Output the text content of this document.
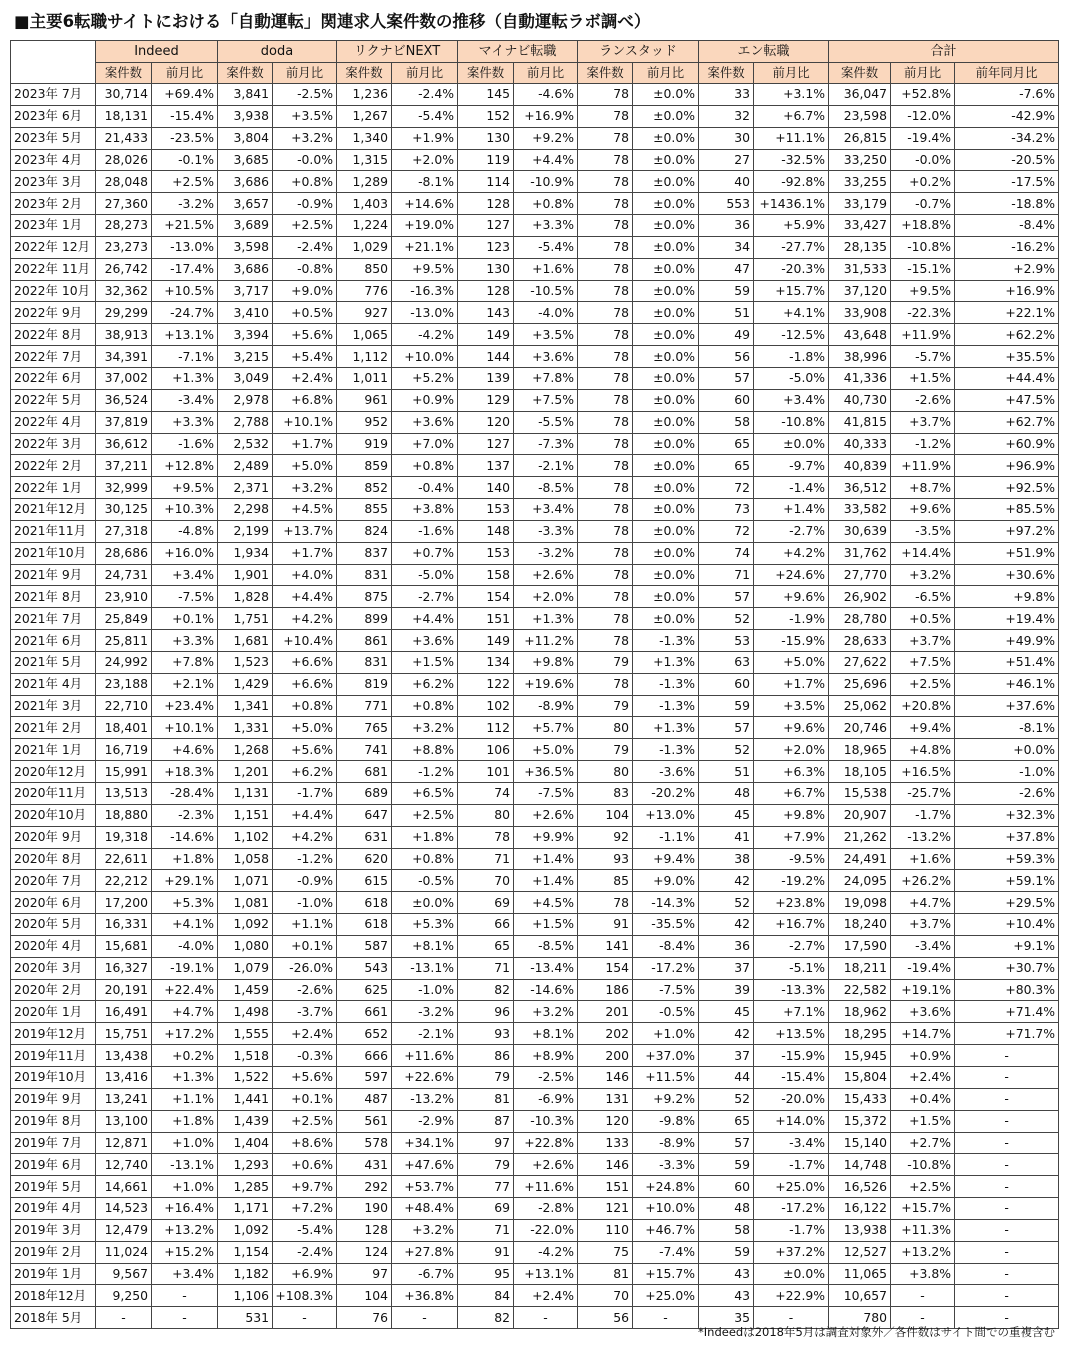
■主要6転職サイトにおける「自動運転」関連求人案件数の推移（自動運転ラボ調べ）
	Indeed		doda		リクナビNEXT		マイナビ転職		ランスタッド		エン転職		合計		
	案件数	前月比	案件数	前月比	案件数	前月比	案件数	前月比	案件数	前月比	案件数	前月比	案件数	前月比	前年同月比
2023年 7月	30,714	+69.4%	3,841	-2.5%	1,236	-2.4%	145	-4.6%	78	±0.0%	33	+3.1%	36,047	+52.8%	-7.6%
2023年 6月	18,131	-15.4%	3,938	+3.5%	1,267	-5.4%	152	+16.9%	78	±0.0%	32	+6.7%	23,598	-12.0%	-42.9%
2023年 5月	21,433	-23.5%	3,804	+3.2%	1,340	+1.9%	130	+9.2%	78	±0.0%	30	+11.1%	26,815	-19.4%	-34.2%
2023年 4月	28,026	-0.1%	3,685	-0.0%	1,315	+2.0%	119	+4.4%	78	±0.0%	27	-32.5%	33,250	-0.0%	-20.5%
2023年 3月	28,048	+2.5%	3,686	+0.8%	1,289	-8.1%	114	-10.9%	78	±0.0%	40	-92.8%	33,255	+0.2%	-17.5%
2023年 2月	27,360	-3.2%	3,657	-0.9%	1,403	+14.6%	128	+0.8%	78	±0.0%	553	+1436.1%	33,179	-0.7%	-18.8%
2023年 1月	28,273	+21.5%	3,689	+2.5%	1,224	+19.0%	127	+3.3%	78	±0.0%	36	+5.9%	33,427	+18.8%	-8.4%
2022年 12月	23,273	-13.0%	3,598	-2.4%	1,029	+21.1%	123	-5.4%	78	±0.0%	34	-27.7%	28,135	-10.8%	-16.2%
2022年 11月	26,742	-17.4%	3,686	-0.8%	850	+9.5%	130	+1.6%	78	±0.0%	47	-20.3%	31,533	-15.1%	+2.9%
2022年 10月	32,362	+10.5%	3,717	+9.0%	776	-16.3%	128	-10.5%	78	±0.0%	59	+15.7%	37,120	+9.5%	+16.9%
2022年 9月	29,299	-24.7%	3,410	+0.5%	927	-13.0%	143	-4.0%	78	±0.0%	51	+4.1%	33,908	-22.3%	+22.1%
2022年 8月	38,913	+13.1%	3,394	+5.6%	1,065	-4.2%	149	+3.5%	78	±0.0%	49	-12.5%	43,648	+11.9%	+62.2%
2022年 7月	34,391	-7.1%	3,215	+5.4%	1,112	+10.0%	144	+3.6%	78	±0.0%	56	-1.8%	38,996	-5.7%	+35.5%
2022年 6月	37,002	+1.3%	3,049	+2.4%	1,011	+5.2%	139	+7.8%	78	±0.0%	57	-5.0%	41,336	+1.5%	+44.4%
2022年 5月	36,524	-3.4%	2,978	+6.8%	961	+0.9%	129	+7.5%	78	±0.0%	60	+3.4%	40,730	-2.6%	+47.5%
2022年 4月	37,819	+3.3%	2,788	+10.1%	952	+3.6%	120	-5.5%	78	±0.0%	58	-10.8%	41,815	+3.7%	+62.7%
2022年 3月	36,612	-1.6%	2,532	+1.7%	919	+7.0%	127	-7.3%	78	±0.0%	65	±0.0%	40,333	-1.2%	+60.9%
2022年 2月	37,211	+12.8%	2,489	+5.0%	859	+0.8%	137	-2.1%	78	±0.0%	65	-9.7%	40,839	+11.9%	+96.9%
2022年 1月	32,999	+9.5%	2,371	+3.2%	852	-0.4%	140	-8.5%	78	±0.0%	72	-1.4%	36,512	+8.7%	+92.5%
2021年12月	30,125	+10.3%	2,298	+4.5%	855	+3.8%	153	+3.4%	78	±0.0%	73	+1.4%	33,582	+9.6%	+85.5%
2021年11月	27,318	-4.8%	2,199	+13.7%	824	-1.6%	148	-3.3%	78	±0.0%	72	-2.7%	30,639	-3.5%	+97.2%
2021年10月	28,686	+16.0%	1,934	+1.7%	837	+0.7%	153	-3.2%	78	±0.0%	74	+4.2%	31,762	+14.4%	+51.9%
2021年 9月	24,731	+3.4%	1,901	+4.0%	831	-5.0%	158	+2.6%	78	±0.0%	71	+24.6%	27,770	+3.2%	+30.6%
2021年 8月	23,910	-7.5%	1,828	+4.4%	875	-2.7%	154	+2.0%	78	±0.0%	57	+9.6%	26,902	-6.5%	+9.8%
2021年 7月	25,849	+0.1%	1,751	+4.2%	899	+4.4%	151	+1.3%	78	±0.0%	52	-1.9%	28,780	+0.5%	+19.4%
2021年 6月	25,811	+3.3%	1,681	+10.4%	861	+3.6%	149	+11.2%	78	-1.3%	53	-15.9%	28,633	+3.7%	+49.9%
2021年 5月	24,992	+7.8%	1,523	+6.6%	831	+1.5%	134	+9.8%	79	+1.3%	63	+5.0%	27,622	+7.5%	+51.4%
2021年 4月	23,188	+2.1%	1,429	+6.6%	819	+6.2%	122	+19.6%	78	-1.3%	60	+1.7%	25,696	+2.5%	+46.1%
2021年 3月	22,710	+23.4%	1,341	+0.8%	771	+0.8%	102	-8.9%	79	-1.3%	59	+3.5%	25,062	+20.8%	+37.6%
2021年 2月	18,401	+10.1%	1,331	+5.0%	765	+3.2%	112	+5.7%	80	+1.3%	57	+9.6%	20,746	+9.4%	-8.1%
2021年 1月	16,719	+4.6%	1,268	+5.6%	741	+8.8%	106	+5.0%	79	-1.3%	52	+2.0%	18,965	+4.8%	+0.0%
2020年12月	15,991	+18.3%	1,201	+6.2%	681	-1.2%	101	+36.5%	80	-3.6%	51	+6.3%	18,105	+16.5%	-1.0%
2020年11月	13,513	-28.4%	1,131	-1.7%	689	+6.5%	74	-7.5%	83	-20.2%	48	+6.7%	15,538	-25.7%	-2.6%
2020年10月	18,880	-2.3%	1,151	+4.4%	647	+2.5%	80	+2.6%	104	+13.0%	45	+9.8%	20,907	-1.7%	+32.3%
2020年 9月	19,318	-14.6%	1,102	+4.2%	631	+1.8%	78	+9.9%	92	-1.1%	41	+7.9%	21,262	-13.2%	+37.8%
2020年 8月	22,611	+1.8%	1,058	-1.2%	620	+0.8%	71	+1.4%	93	+9.4%	38	-9.5%	24,491	+1.6%	+59.3%
2020年 7月	22,212	+29.1%	1,071	-0.9%	615	-0.5%	70	+1.4%	85	+9.0%	42	-19.2%	24,095	+26.2%	+59.1%
2020年 6月	17,200	+5.3%	1,081	-1.0%	618	±0.0%	69	+4.5%	78	-14.3%	52	+23.8%	19,098	+4.7%	+29.5%
2020年 5月	16,331	+4.1%	1,092	+1.1%	618	+5.3%	66	+1.5%	91	-35.5%	42	+16.7%	18,240	+3.7%	+10.4%
2020年 4月	15,681	-4.0%	1,080	+0.1%	587	+8.1%	65	-8.5%	141	-8.4%	36	-2.7%	17,590	-3.4%	+9.1%
2020年 3月	16,327	-19.1%	1,079	-26.0%	543	-13.1%	71	-13.4%	154	-17.2%	37	-5.1%	18,211	-19.4%	+30.7%
2020年 2月	20,191	+22.4%	1,459	-2.6%	625	-1.0%	82	-14.6%	186	-7.5%	39	-13.3%	22,582	+19.1%	+80.3%
2020年 1月	16,491	+4.7%	1,498	-3.7%	661	-3.2%	96	+3.2%	201	-0.5%	45	+7.1%	18,962	+3.6%	+71.4%
2019年12月	15,751	+17.2%	1,555	+2.4%	652	-2.1%	93	+8.1%	202	+1.0%	42	+13.5%	18,295	+14.7%	+71.7%
2019年11月	13,438	+0.2%	1,518	-0.3%	666	+11.6%	86	+8.9%	200	+37.0%	37	-15.9%	15,945	+0.9%	-
2019年10月	13,416	+1.3%	1,522	+5.6%	597	+22.6%	79	-2.5%	146	+11.5%	44	-15.4%	15,804	+2.4%	-
2019年 9月	13,241	+1.1%	1,441	+0.1%	487	-13.2%	81	-6.9%	131	+9.2%	52	-20.0%	15,433	+0.4%	-
2019年 8月	13,100	+1.8%	1,439	+2.5%	561	-2.9%	87	-10.3%	120	-9.8%	65	+14.0%	15,372	+1.5%	-
2019年 7月	12,871	+1.0%	1,404	+8.6%	578	+34.1%	97	+22.8%	133	-8.9%	57	-3.4%	15,140	+2.7%	-
2019年 6月	12,740	-13.1%	1,293	+0.6%	431	+47.6%	79	+2.6%	146	-3.3%	59	-1.7%	14,748	-10.8%	-
2019年 5月	14,661	+1.0%	1,285	+9.7%	292	+53.7%	77	+11.6%	151	+24.8%	60	+25.0%	16,526	+2.5%	-
2019年 4月	14,523	+16.4%	1,171	+7.2%	190	+48.4%	69	-2.8%	121	+10.0%	48	-17.2%	16,122	+15.7%	-
2019年 3月	12,479	+13.2%	1,092	-5.4%	128	+3.2%	71	-22.0%	110	+46.7%	58	-1.7%	13,938	+11.3%	-
2019年 2月	11,024	+15.2%	1,154	-2.4%	124	+27.8%	91	-4.2%	75	-7.4%	59	+37.2%	12,527	+13.2%	-
2019年 1月	9,567	+3.4%	1,182	+6.9%	97	-6.7%	95	+13.1%	81	+15.7%	43	±0.0%	11,065	+3.8%	-
2018年12月	9,250	-	1,106	+108.3%	104	+36.8%	84	+2.4%	70	+25.0%	43	+22.9%	10,657	-	-
2018年 5月	-	-	531	-	76	-	82	-	56	-	35	-	780	-	-
*Indeedは2018年5月は調査対象外／各件数はサイト間での重複含む
